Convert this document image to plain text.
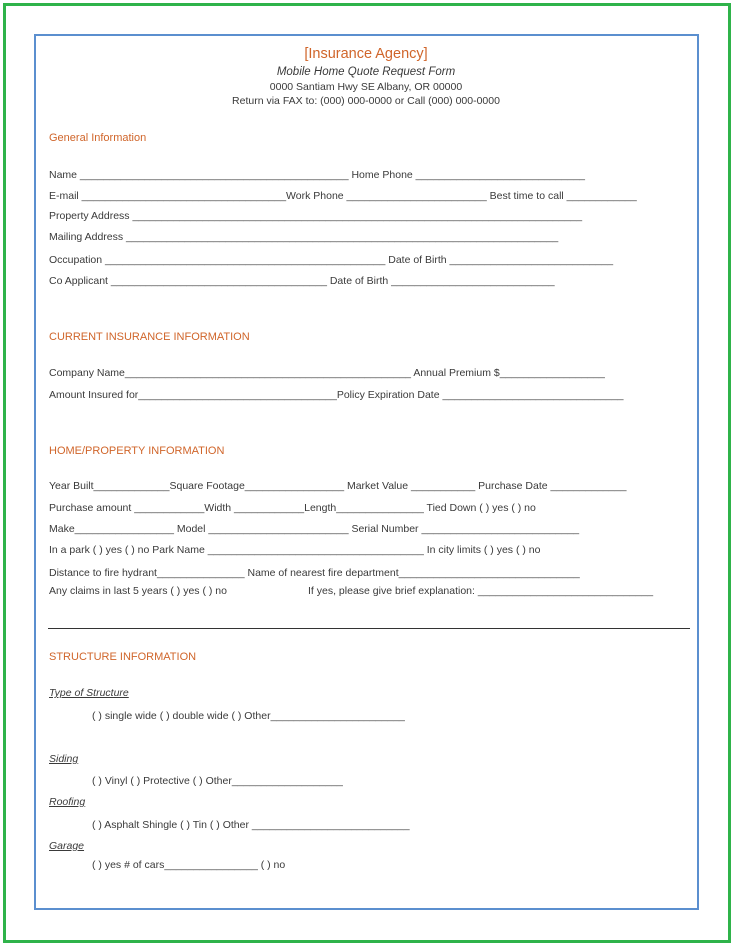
[Insurance Agency]
Mobile Home Quote Request Form
0000 Santiam Hwy SE Albany, OR 00000
Return via FAX to: (000) 000-0000 or Call (000) 000-0000
General Information
Name ______________________________________________ Home Phone _____________________________
E-mail ___________________________________Work Phone ________________________ Best time to call ____________
Property Address _____________________________________________________________________________
Mailing Address __________________________________________________________________________
Occupation ________________________________________________ Date of Birth ____________________________
Co Applicant _____________________________________ Date of Birth ____________________________
CURRENT INSURANCE INFORMATION
Company Name_________________________________________________ Annual Premium $__________________
Amount Insured for__________________________________Policy Expiration Date _______________________________
HOME/PROPERTY INFORMATION
Year Built_____________Square Footage_________________ Market Value ___________ Purchase Date _____________
Purchase amount ____________Width ____________Length_______________ Tied Down ( ) yes ( ) no
Make_________________ Model ________________________ Serial Number ___________________________
In a park ( ) yes ( ) no Park Name _____________________________________ In city limits ( ) yes ( ) no
Distance to fire hydrant_______________ Name of nearest fire department_______________________________
Any claims in last 5 years ( ) yes ( ) no	If yes, please give brief explanation: ______________________________
STRUCTURE INFORMATION
Type of Structure
( ) single wide ( ) double wide ( ) Other_______________________
Siding
( ) Vinyl ( ) Protective ( ) Other___________________
Roofing
( ) Asphalt Shingle ( ) Tin ( ) Other ___________________________
Garage
( ) yes # of cars________________ ( ) no
